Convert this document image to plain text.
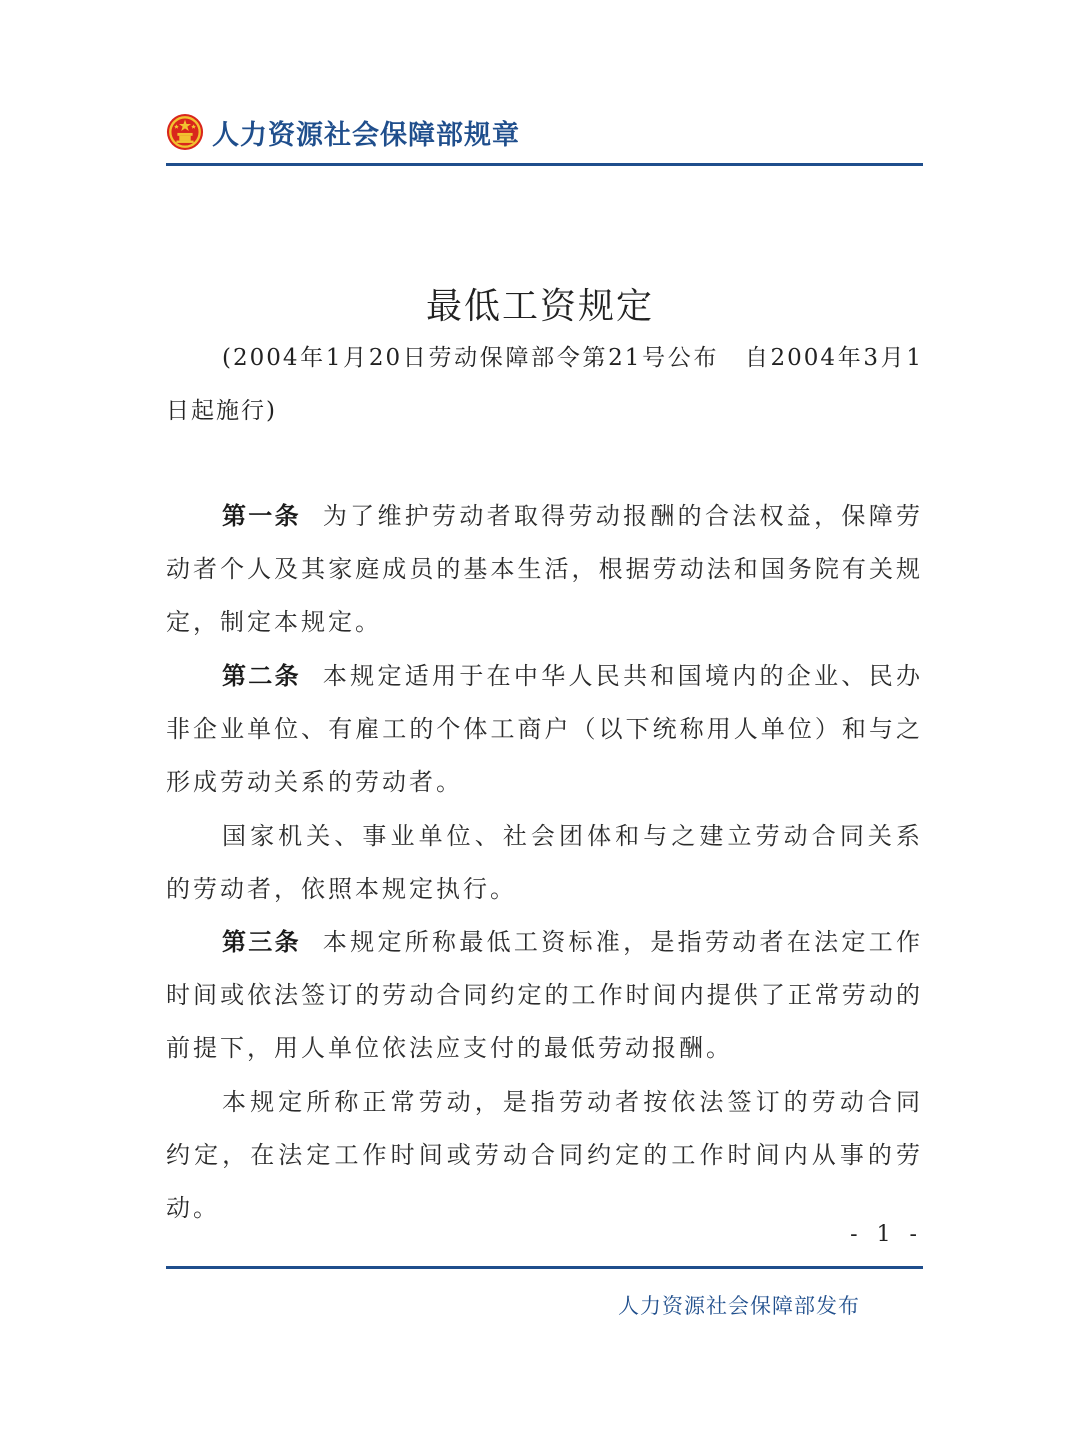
人力资源社会保障部规章
最低工资规定
(2004年1月20日劳动保障部令第21号公布　自2004年3月1日起施行)
第一条 为了维护劳动者取得劳动报酬的合法权益，保障劳动者个人及其家庭成员的基本生活，根据劳动法和国务院有关规定，制定本规定。
第二条 本规定适用于在中华人民共和国境内的企业、民办非企业单位、有雇工的个体工商户（以下统称用人单位）和与之形成劳动关系的劳动者。
国家机关、事业单位、社会团体和与之建立劳动合同关系的劳动者，依照本规定执行。
第三条 本规定所称最低工资标准，是指劳动者在法定工作时间或依法签订的劳动合同约定的工作时间内提供了正常劳动的前提下，用人单位依法应支付的最低劳动报酬。
本规定所称正常劳动，是指劳动者按依法签订的劳动合同约定，在法定工作时间或劳动合同约定的工作时间内从事的劳动。
- 1 -
人力资源社会保障部发布
